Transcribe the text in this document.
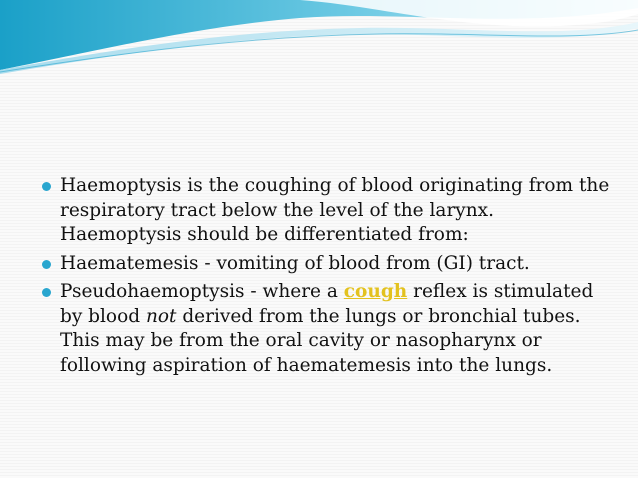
Haemoptysis is the coughing of blood originating from the respiratory tract below the level of the larynx. Haemoptysis should be differentiated from:
Haematemesis - vomiting of blood from (GI) tract.
Pseudohaemoptysis - where a cough reflex is stimulated by blood not derived from the lungs or bronchial tubes. This may be from the oral cavity or nasopharynx or following aspiration of haematemesis into the lungs.
